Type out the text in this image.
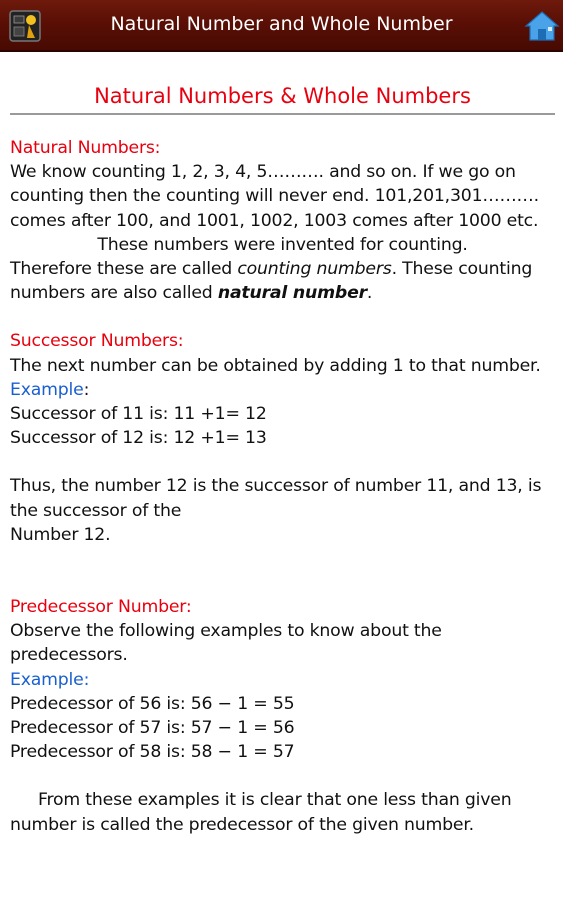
Natural Number and Whole Number
Natural Numbers & Whole Numbers
Natural Numbers:
We know counting 1, 2, 3, 4, 5………. and so on. If we go on
counting then the counting will never end. 101,201,301……….
comes after 100, and 1001, 1002, 1003 comes after 1000 etc.
These numbers were invented for counting.
Therefore these are called counting numbers. These counting
numbers are also called natural number.
Successor Numbers:
The next number can be obtained by adding 1 to that number.
Example:
Successor of 11 is: 11 +1= 12
Successor of 12 is: 12 +1= 13
Thus, the number 12 is the successor of number 11, and 13, is
the successor of the
Number 12.
Predecessor Number:
Observe the following examples to know about the
predecessors.
Example:
Predecessor of 56 is: 56 − 1 = 55
Predecessor of 57 is: 57 − 1 = 56
Predecessor of 58 is: 58 − 1 = 57
From these examples it is clear that one less than given
number is called the predecessor of the given number.
